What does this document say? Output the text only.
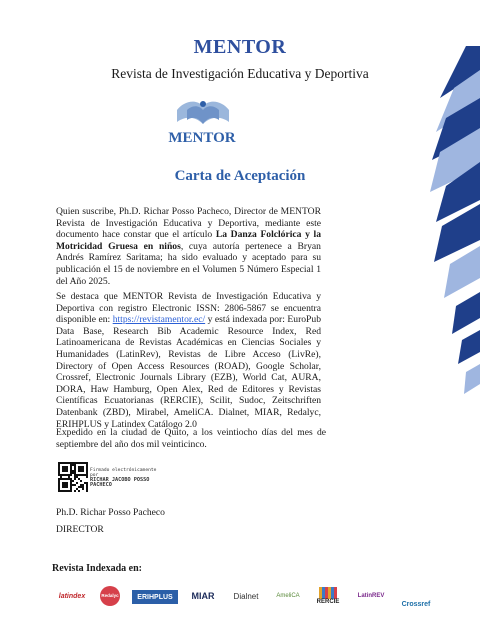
MENTOR
Revista de Investigación Educativa y Deportiva
MENTOR
Carta de Aceptación
Quien suscribe, Ph.D. Richar Posso Pacheco, Director de MENTOR Revista de Investigación Educativa y Deportiva, mediante este documento hace constar que el artículo La Danza Folclórica y la Motricidad Gruesa en niños, cuya autoría pertenece a Bryan Andrés Ramírez Saritama; ha sido evaluado y aceptado para su publicación el 15 de noviembre en el Volumen 5 Número Especial 1 del Año 2025.
Se destaca que MENTOR Revista de Investigación Educativa y Deportiva con registro Electronic ISSN: 2806-5867 se encuentra disponible en: https://revistamentor.ec/ y está indexada por: EuroPub Data Base, Research Bib Academic Resource Index, Red Latinoamericana de Revistas Académicas en Ciencias Sociales y Humanidades (LatinRev), Revistas de Libre Acceso (LivRe), Directory of Open Access Resources (ROAD), Google Scholar, Crossref, Electronic Journals Library (EZB), World Cat, AURA, DORA, Haw Hamburg, Open Alex, Red de Editores y Revistas Científicas Ecuatorianas (RERCIE), Scilit, Sudoc, Zeitschriften Datenbank (ZBD), Mirabel, AmeliCA. Dialnet, MIAR, Redalyc, ERIHPLUS y Latindex Catálogo 2.0
Expedido en la ciudad de Quito, a los veintiocho días del mes de septiembre del año dos mil veinticinco.
Firmado electrónicamente por
RICHAR JACOBO POSSO
PACHECO
Ph.D. Richar Posso Pacheco
DIRECTOR
Revista Indexada en:
latindex	Redalyc	ERIHPLUS	MIAR	Dialnet	AmeliCA
RERCIE
LatinREV
Crossref
